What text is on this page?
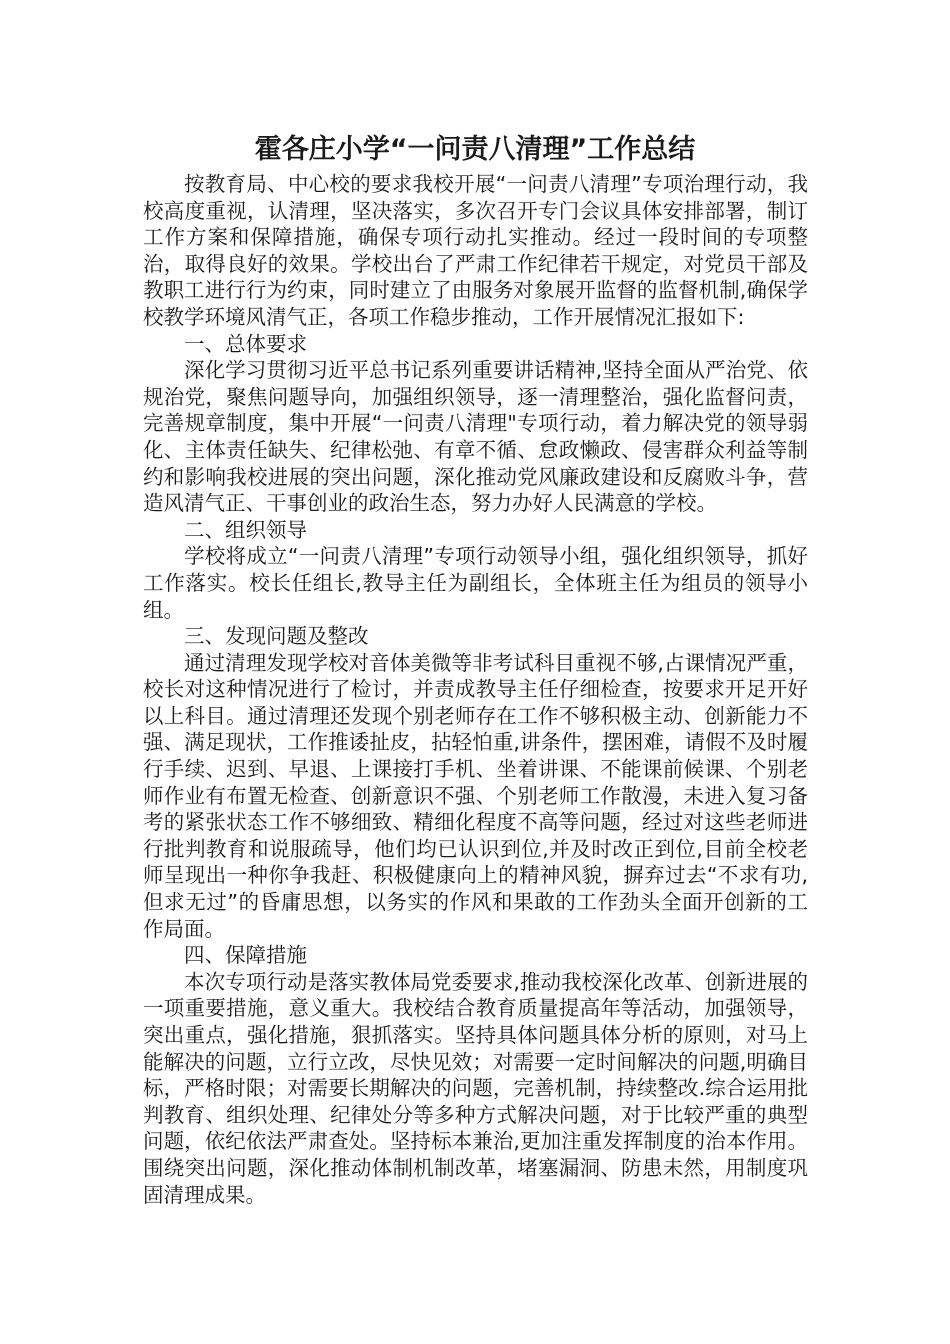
霍各庄小学“一问责八清理”工作总结

按教育局、中心校的要求我校开展“一问责八清理”专项治理行动，我校高度重视，认清理，坚决落实，多次召开专门会议具体安排部署，制订工作方案和保障措施，确保专项行动扎实推动。经过一段时间的专项整治，取得良好的效果。学校出台了严肃工作纪律若干规定，对党员干部及教职工进行行为约束，同时建立了由服务对象展开监督的监督机制,确保学校教学环境风清气正，各项工作稳步推动，工作开展情况汇报如下:

一、总体要求

深化学习贯彻习近平总书记系列重要讲话精神,坚持全面从严治党、依规治党，聚焦问题导向，加强组织领导，逐一清理整治，强化监督问责，完善规章制度，集中开展“一问责八清理"专项行动，着力解决党的领导弱化、主体责任缺失、纪律松弛、有章不循、怠政懒政、侵害群众利益等制约和影响我校进展的突出问题，深化推动党风廉政建设和反腐败斗争，营造风清气正、干事创业的政治生态，努力办好人民满意的学校。

二、组织领导

学校将成立“一问责八清理”专项行动领导小组，强化组织领导，抓好工作落实。校长任组长,教导主任为副组长，全体班主任为组员的领导小组。

三、发现问题及整改

通过清理发现学校对音体美微等非考试科目重视不够,占课情况严重，校长对这种情况进行了检讨，并责成教导主任仔细检查，按要求开足开好以上科目。通过清理还发现个别老师存在工作不够积极主动、创新能力不强、满足现状，工作推诿扯皮，拈轻怕重,讲条件，摆困难，请假不及时履行手续、迟到、早退、上课接打手机、坐着讲课、不能课前候课、个别老师作业有布置无检查、创新意识不强、个别老师工作散漫，未进入复习备考的紧张状态工作不够细致、精细化程度不高等问题，经过对这些老师进行批判教育和说服疏导，他们均已认识到位,并及时改正到位,目前全校老师呈现出一种你争我赶、积极健康向上的精神风貌，摒弃过去“不求有功,但求无过”的昏庸思想，以务实的作风和果敢的工作劲头全面开创新的工作局面。

四、保障措施

本次专项行动是落实教体局党委要求,推动我校深化改革、创新进展的一项重要措施，意义重大。我校结合教育质量提高年等活动，加强领导，突出重点，强化措施，狠抓落实。坚持具体问题具体分析的原则，对马上能解决的问题，立行立改，尽快见效；对需要一定时间解决的问题,明确目标，严格时限；对需要长期解决的问题，完善机制，持续整改.综合运用批判教育、组织处理、纪律处分等多种方式解决问题，对于比较严重的典型问题，依纪依法严肃查处。坚持标本兼治,更加注重发挥制度的治本作用。围绕突出问题，深化推动体制机制改革，堵塞漏洞、防患未然，用制度巩固清理成果。
